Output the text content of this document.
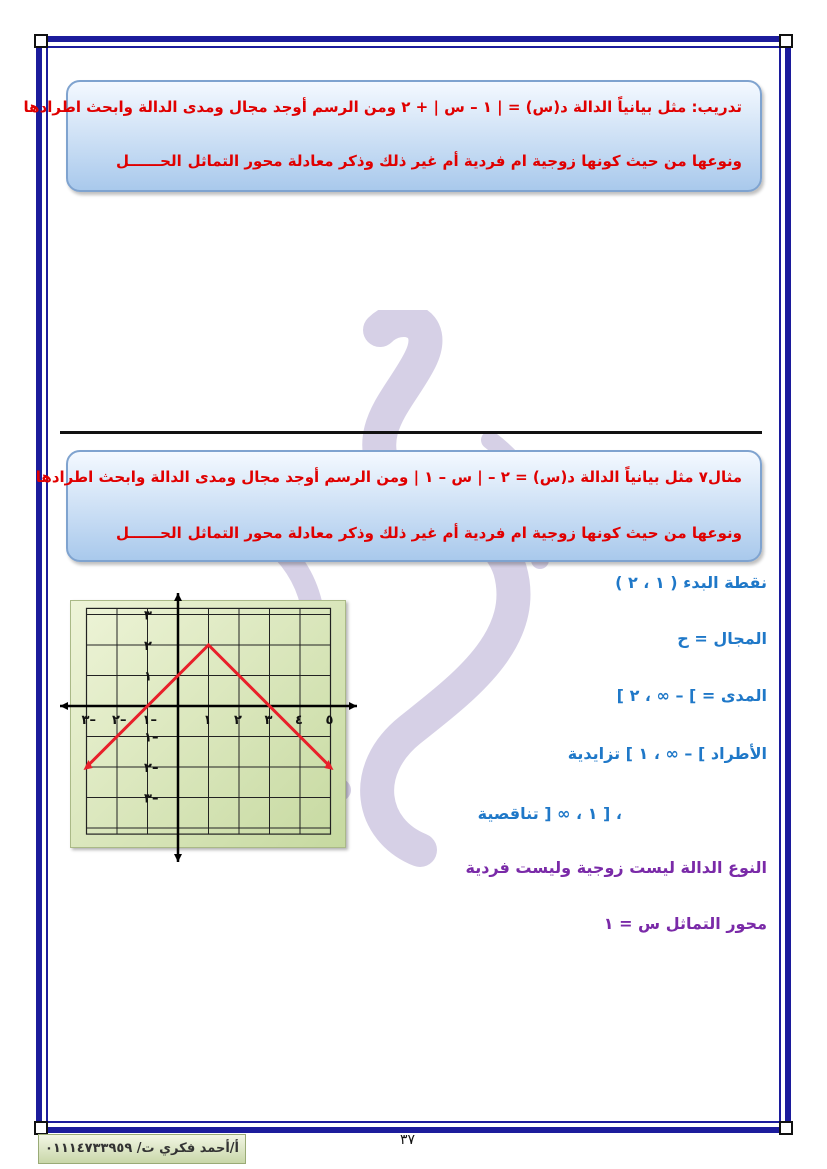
تدريب: مثل بيانياً الدالة د(س) = | ١ – س | + ٢ ومن الرسم أوجد مجال ومدى الدالة وابحث اطرادها
ونوعها من حيث كونها زوجية ام فردية أم غير ذلك وذكر معادلة محور التماثل
الحــــــل
مثال٧ مثل بيانياً الدالة د(س) = ٢ – | س – ١ | ومن الرسم أوجد مجال ومدى الدالة وابحث اطرادها
ونوعها من حيث كونها زوجية ام فردية أم غير ذلك وذكر معادلة محور التماثل
الحــــــل
نقطة البدء ( ١ ، ٢ )
المجال = ح
المدى = ] – ∞ ، ٢ ]
الأطراد ] – ∞ ، ١ ] تزايدية
، [ ١ ، ∞ [ تناقصية
النوع الدالة ليست زوجية وليست فردية
محور التماثل س = ١
٣– ٢– ١–	١ ٢ ٣ ٤ ٥
٣
٢
١
١–
٢–
٣–
أ/أحمد فكري ت/ ٠١١١٤٧٣٣٩٥٩
٣٧
